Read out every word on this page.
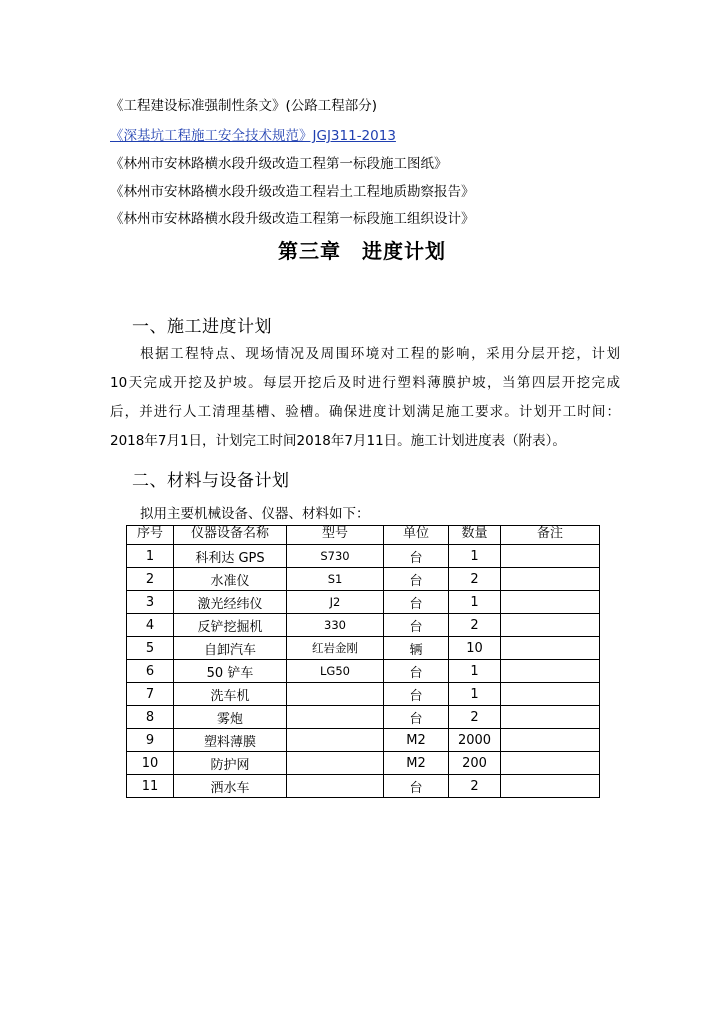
《工程建设标准强制性条文》(公路工程部分)
《深基坑工程施工安全技术规范》JGJ311-2013
《林州市安林路横水段升级改造工程第一标段施工图纸》
《林州市安林路横水段升级改造工程岩土工程地质勘察报告》
《林州市安林路横水段升级改造工程第一标段施工组织设计》
第三章　进度计划
一、施工进度计划
　　根据工程特点、现场情况及周围环境对工程的影响，采用分层开挖，计划
10天完成开挖及护坡。每层开挖后及时进行塑料薄膜护坡，当第四层开挖完成
后，并进行人工清理基槽、验槽。确保进度计划满足施工要求。计划开工时间：
2018年7月1日，计划完工时间2018年7月11日。施工计划进度表（附表）。
二、材料与设备计划
拟用主要机械设备、仪器、材料如下：
序号	仪器设备名称	型号	单位	数量	备注
1	科利达 GPS	S730	台	1	
2	水准仪	S1	台	2	
3	激光经纬仪	J2	台	1	
4	反铲挖掘机	330	台	2	
5	自卸汽车	红岩金刚	辆	10	
6	50 铲车	LG50	台	1	
7	洗车机		台	1	
8	雾炮		台	2	
9	塑料薄膜		M2	2000	
10	防护网		M2	200	
11	洒水车		台	2	
